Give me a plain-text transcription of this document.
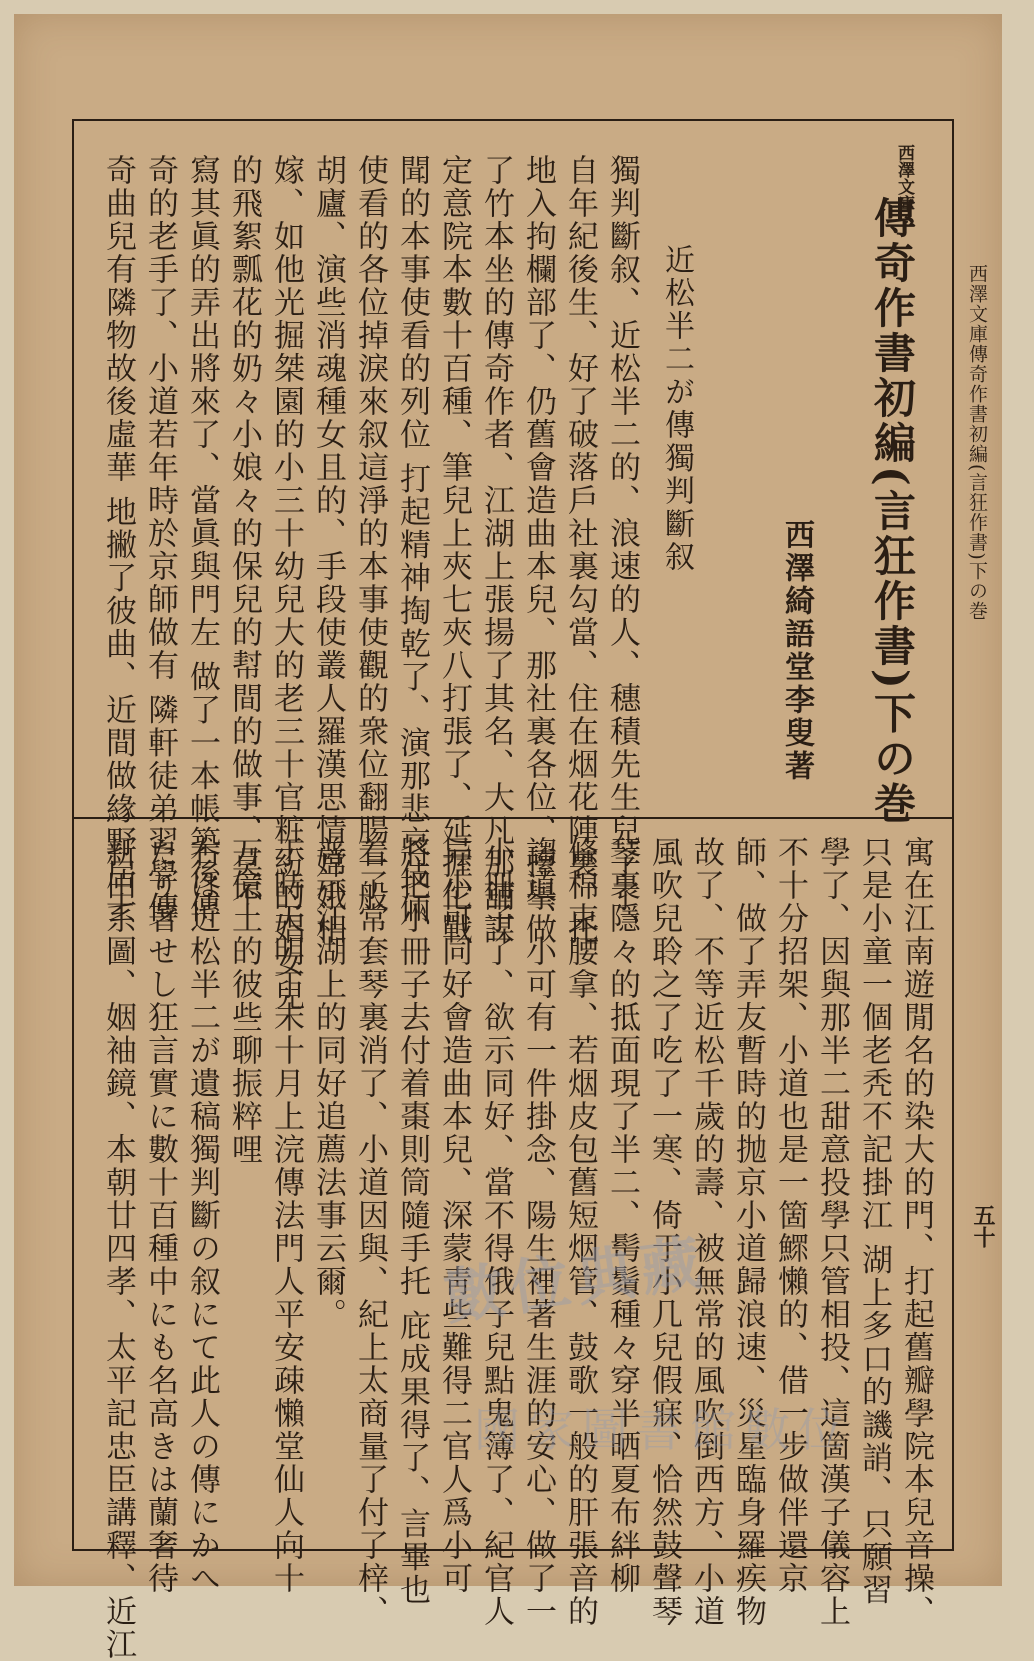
西澤文庫傳奇作書初編(言狂作書)下の巻
五十
西澤文庫
傳奇作書初編(言狂作書)下の巻
西澤綺語堂李叟著
近松半二が傳獨判斷叙
獨判斷叙、近松半二的、浪速的人、穗積先生兒子了、
自年紀後生、好了破落戶社裏勾當、住在烟花陣裏、托
地入拘欄部了、仍舊會造曲本兒、那社裏各位、擡擧做
了竹本坐的傳奇作者、江湖上張揚了其名、大凡那舖謀
定意院本數十百種、筆兒上夾七夾八打張了、延握佗戰
聞的本事使看的列位 打起精神掏乾了、演那悲哀伎倆
使看的各位掉淚來叙這淨的本事使觀的衆位翻腸一般
胡廬、演些消魂種女且的、手段使叢人羅漢思情嫦娥相
嫁、如他光掘桀園的小三十幼兒大的老三十官粧紛的娼女兒
的飛絮瓢花的奶々小娘々的保兒的幇間的做事、莫不
寫其眞的弄出將來了、當眞與門左 做了一本帳築後傳
奇的老手了、小道若年時於京師做有 隣軒徒弟習學傳
奇曲兒有隣物故後虛華 地撇了彼曲、近間做緣野居士
寓在江南遊閒名的染大的門、打起舊瓣學院本兒音操、
只是小童一個老秃不記掛江 湖上多口的譏誚、只願習
學了、因與那半二甜意投學只管相投、這箇漢子儀容上
不十分招架、小道也是一箇鰥懶的、借一步做伴還京
師、做了弄友暫時的抛京小道歸浪速、災星臨身羅疾物
故了、不等近松千歲的壽、被無常的風吹倒西方、小道
風吹兒聆之了吃了一寒、倚于小几兒假寐、恰然鼓聲琴
琴裏隱々的抵面現了半二、髩鬚種々穿半晒夏布絆柳
條棉束腰拿、若烟皮包舊短烟管、鼓歌一般的肝張音的
謅道、小可有一件掛念、陽生裡著生涯的安心、做了一
小冊子了、欲示同好、當不得俄子兒點鬼簿了、紀官人
异小可同好會造曲本兒、深蒙靑些難得二官人爲小可
將把小冊子去付着棗則筒隨手托 庇成果得了、言畢也
着了常套琴裏消了、小道因與、紀上太商量了付了梓、
普示江湖上的同好追薦法事云爾。
于時天明丁未十月上浣傳法門人平安疎懶堂仙人向十
万億土的彼些聊振粹哩
右は近松半二が遺稿獨判斷の叙にて此人の傳にかへ
たり著せし狂言實に數十百種中にも名高きは蘭奢待
新田系圖、姻袖鏡、本朝廿四孝、太平記忠臣講釋、近江	數位典藏
國家圖書館數位
